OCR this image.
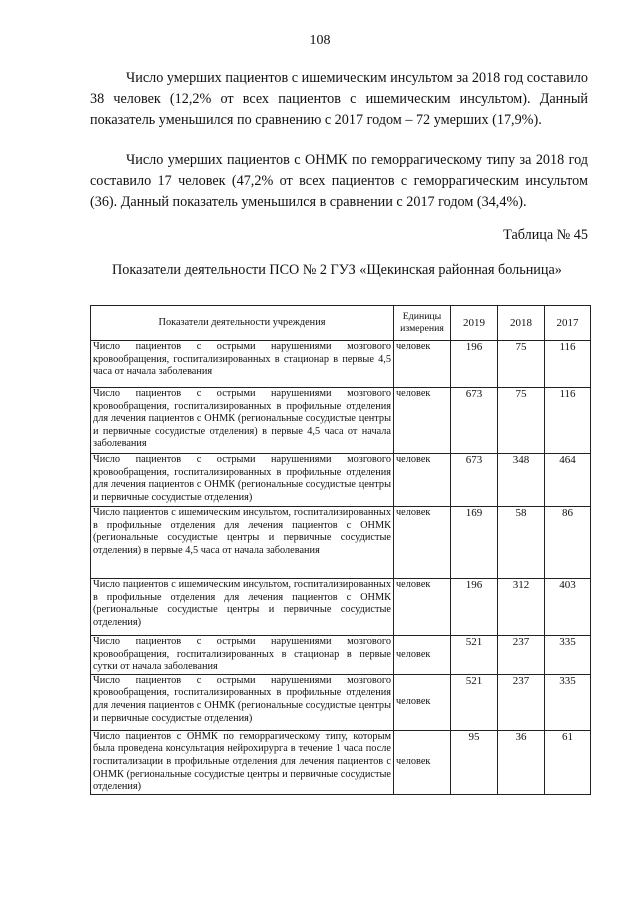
108

Число умерших пациентов с ишемическим инсультом за 2018 год составило 38 человек (12,2% от всех пациентов с ишемическим инсультом). Данный показатель уменьшился по сравнению с 2017 годом – 72 умерших (17,9%).

Число умерших пациентов с ОНМК по геморрагическому типу за 2018 год составило 17 человек (47,2% от всех пациентов с геморрагическим инсультом (36). Данный показатель уменьшился в сравнении с 2017 годом (34,4%).

Таблица № 45
Показатели деятельности ПСО № 2 ГУЗ «Щекинская районная больница»
Показатели деятельности учреждения	Единицы измерения	2019	2018	2017
Число пациентов с острыми нарушениями мозгового кровообращения, госпитализированных в стационар в первые 4,5 часа от начала заболевания	человек	196	75	116
Число пациентов с острыми нарушениями мозгового кровообращения, госпитализированных в профильные отделения для лечения пациентов с ОНМК (региональные сосудистые центры и первичные сосудистые отделения) в первые 4,5 часа от начала заболевания	человек	673	75	116
Число пациентов с острыми нарушениями мозгового кровообращения, госпитализированных в профильные отделения для лечения пациентов с ОНМК (региональные сосудистые центры и первичные сосудистые отделения)	человек	673	348	464
Число пациентов с ишемическим инсультом, госпитализированных в профильные отделения для лечения пациентов с ОНМК (региональные сосудистые центры и первичные сосудистые отделения) в первые 4,5 часа от начала заболевания	человек	169	58	86
Число пациентов с ишемическим инсультом, госпитализированных в профильные отделения для лечения пациентов с ОНМК (региональные сосудистые центры и первичные сосудистые отделения)	человек	196	312	403
Число пациентов с острыми нарушениями мозгового кровообращения, госпитализированных в стационар в первые сутки от начала заболевания	человек	521	237	335
Число пациентов с острыми нарушениями мозгового кровообращения, госпитализированных в профильные отделения для лечения пациентов с ОНМК (региональные сосудистые центры и первичные сосудистые отделения)	человек	521	237	335
Число пациентов с ОНМК по геморрагическому типу, которым была проведена консультация нейрохирурга в течение 1 часа после госпитализации в профильные отделения для лечения пациентов с ОНМК (региональные сосудистые центры и первичные сосудистые отделения)	человек	95	36	61
